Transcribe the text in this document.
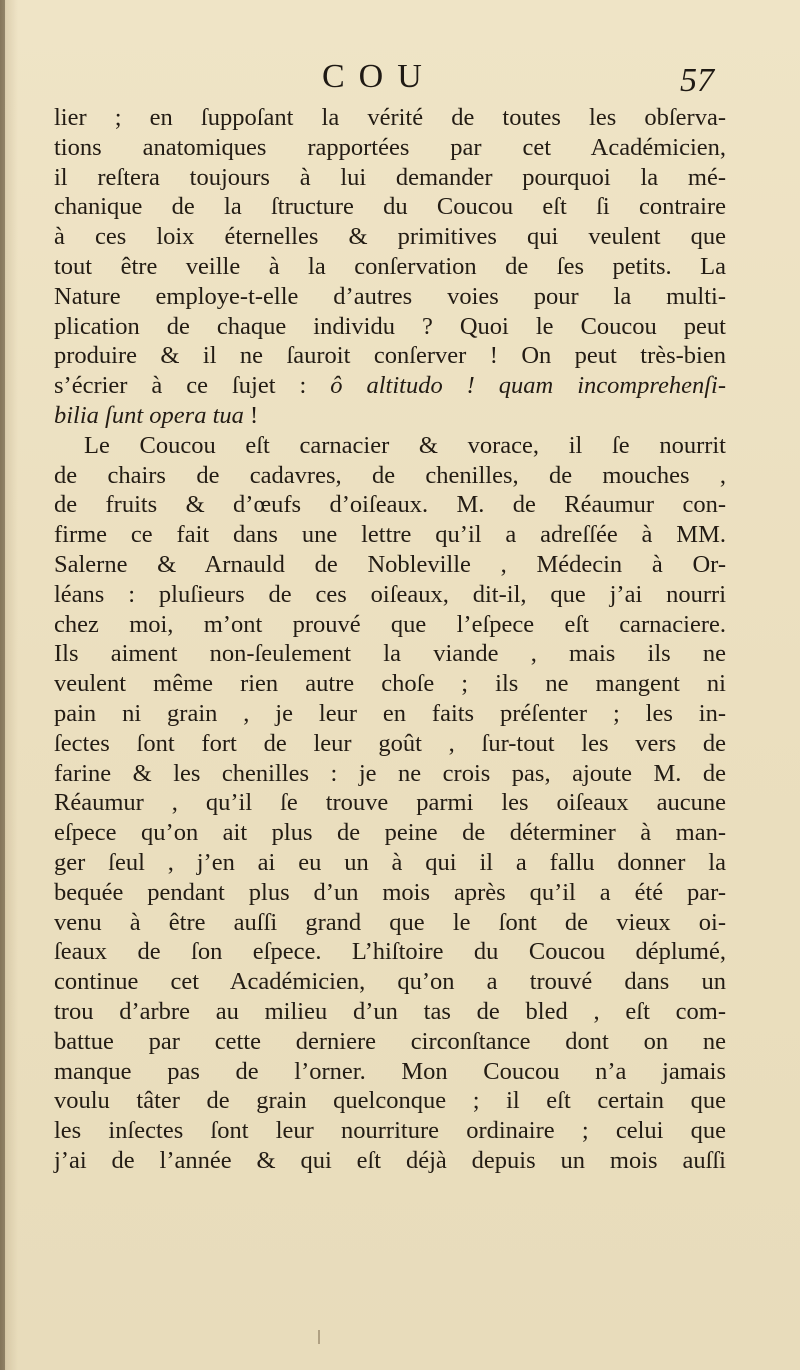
COU	57
lier ; en ſuppoſant la vérité de toutes les obſerva-
tions anatomiques rapportées par cet Académicien,
il reſtera toujours à lui demander pourquoi la mé-
chanique de la ſtructure du Coucou eſt ſi contraire
à ces loix éternelles & primitives qui veulent que
tout être veille à la conſervation de ſes petits. La
Nature employe-t-elle d’autres voies pour la multi-
plication de chaque individu ? Quoi le Coucou peut
produire & il ne ſauroit conſerver ! On peut très-bien
s’écrier à ce ſujet : ô altitudo ! quam incomprehenſi-
bilia ſunt opera tua !
Le Coucou eſt carnacier & vorace, il ſe nourrit
de chairs de cadavres, de chenilles, de mouches ,
de fruits & d’œufs d’oiſeaux. M. de Réaumur con-
firme ce fait dans une lettre qu’il a adreſſée à MM.
Salerne & Arnauld de Nobleville , Médecin à Or-
léans : pluſieurs de ces oiſeaux, dit-il, que j’ai nourri
chez moi, m’ont prouvé que l’eſpece eſt carnaciere.
Ils aiment non-ſeulement la viande , mais ils ne
veulent même rien autre choſe ; ils ne mangent ni
pain ni grain , je leur en faits préſenter ; les in-
ſectes ſont fort de leur goût , ſur-tout les vers de
farine & les chenilles : je ne crois pas, ajoute M. de
Réaumur , qu’il ſe trouve parmi les oiſeaux aucune
eſpece qu’on ait plus de peine de déterminer à man-
ger ſeul , j’en ai eu un à qui il a fallu donner la
bequée pendant plus d’un mois après qu’il a été par-
venu à être auſſi grand que le ſont de vieux oi-
ſeaux de ſon eſpece. L’hiſtoire du Coucou déplumé,
continue cet Académicien, qu’on a trouvé dans un
trou d’arbre au milieu d’un tas de bled , eſt com-
battue par cette derniere circonſtance dont on ne
manque pas de l’orner. Mon Coucou n’a jamais
voulu tâter de grain quelconque ; il eſt certain que
les inſectes ſont leur nourriture ordinaire ; celui que
j’ai de l’année & qui eſt déjà depuis un mois auſſi
